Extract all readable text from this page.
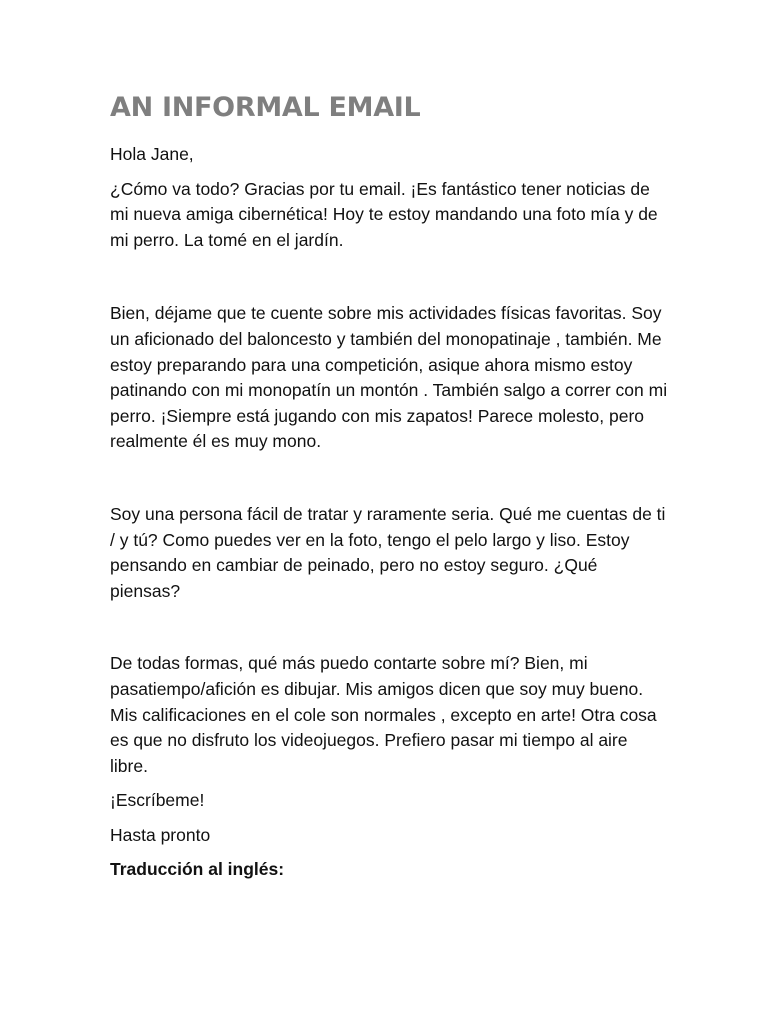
AN INFORMAL EMAIL

Hola Jane,

¿Cómo va todo? Gracias por tu email. ¡Es fantástico tener noticias de mi nueva amiga cibernética! Hoy te estoy mandando una foto mía y de mi perro. La tomé en el jardín.

Bien, déjame que te cuente sobre mis actividades físicas favoritas. Soy un aficionado del baloncesto y también del monopatinaje , también. Me estoy preparando para una competición, asique ahora mismo estoy patinando con mi monopatín un montón . También salgo a correr con mi perro. ¡Siempre está jugando con mis zapatos! Parece molesto, pero realmente él es muy mono.

Soy una persona fácil de tratar y raramente seria. Qué me cuentas de ti / y tú? Como puedes ver en la foto, tengo el pelo largo y liso. Estoy pensando en cambiar de peinado, pero no estoy seguro. ¿Qué piensas?

De todas formas, qué más puedo contarte sobre mí? Bien, mi pasatiempo/afición es dibujar. Mis amigos dicen que soy muy bueno. Mis calificaciones en el cole son normales , excepto en arte! Otra cosa es que no disfruto los videojuegos. Prefiero pasar mi tiempo al aire libre.

¡Escríbeme!

Hasta pronto

Traducción al inglés:
